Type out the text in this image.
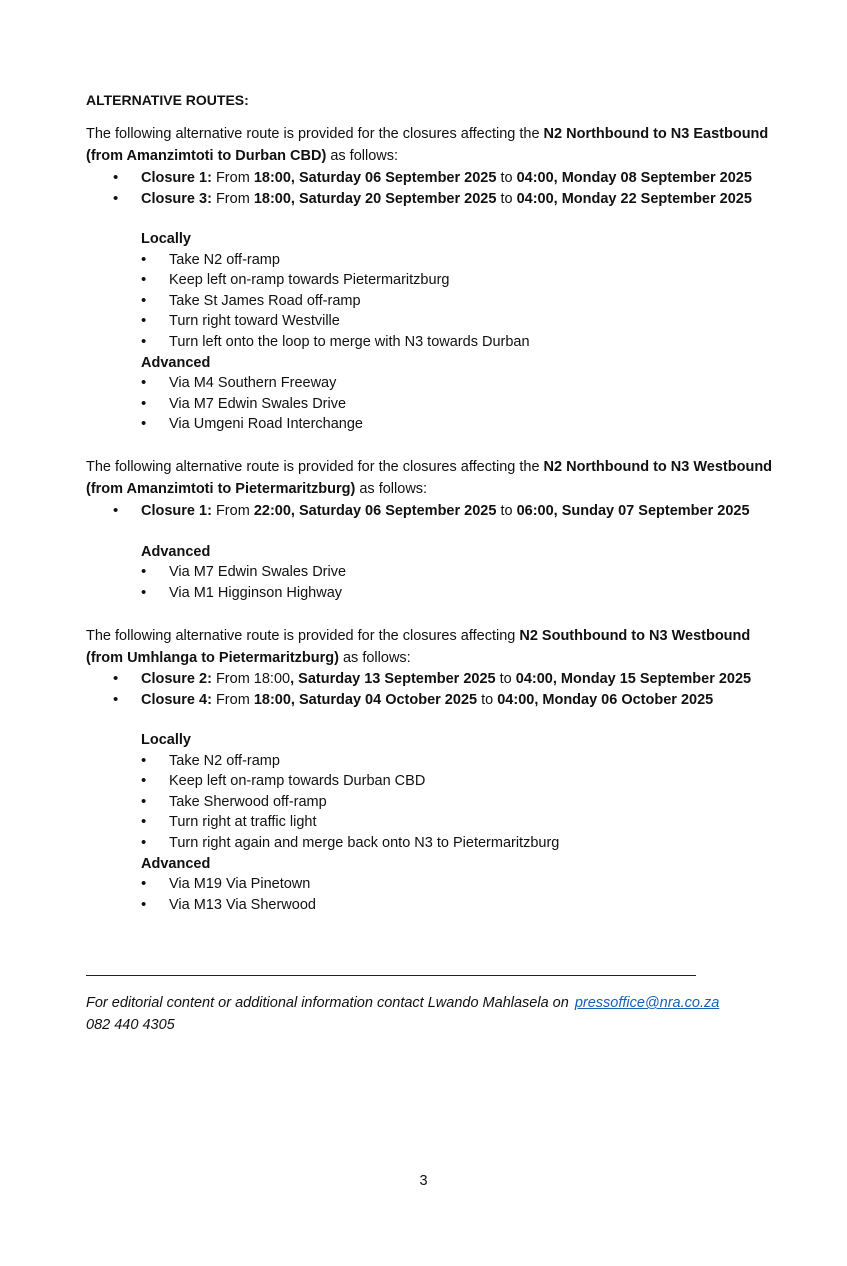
ALTERNATIVE ROUTES:

The following alternative route is provided for the closures affecting the N2 Northbound to N3 Eastbound (from Amanzimtoti to Durban CBD) as follows:

• Closure 1: From 18:00, Saturday 06 September 2025 to 04:00, Monday 08 September 2025
• Closure 3: From 18:00, Saturday 20 September 2025 to 04:00, Monday 22 September 2025
Locally
• Take N2 off-ramp
• Keep left on-ramp towards Pietermaritzburg
• Take St James Road off-ramp
• Turn right toward Westville
• Turn left onto the loop to merge with N3 towards Durban
Advanced
• Via M4 Southern Freeway
• Via M7 Edwin Swales Drive
• Via Umgeni Road Interchange

The following alternative route is provided for the closures affecting the N2 Northbound to N3 Westbound (from Amanzimtoti to Pietermaritzburg) as follows:

• Closure 1: From 22:00, Saturday 06 September 2025 to 06:00, Sunday 07 September 2025
Advanced
• Via M7 Edwin Swales Drive
• Via M1 Higginson Highway

The following alternative route is provided for the closures affecting N2 Southbound to N3 Westbound (from Umhlanga to Pietermaritzburg) as follows:

• Closure 2: From 18:00, Saturday 13 September 2025 to 04:00, Monday 15 September 2025
• Closure 4: From 18:00, Saturday 04 October 2025 to 04:00, Monday 06 October 2025
Locally
• Take N2 off-ramp
• Keep left on-ramp towards Durban CBD
• Take Sherwood off-ramp
• Turn right at traffic light
• Turn right again and merge back onto N3 to Pietermaritzburg
Advanced
• Via M19 Via Pinetown
• Via M13 Via Sherwood
For editorial content or additional information contact Lwando Mahlasela on pressoffice@nra.co.za
082 440 4305
3
